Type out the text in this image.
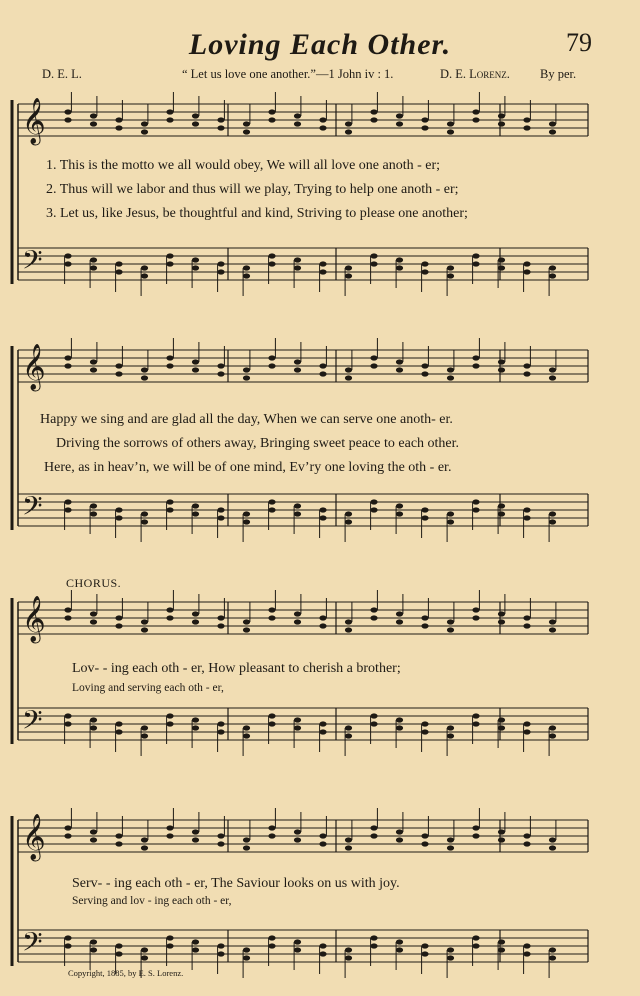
Loving Each Other.	79
D. E. L.	“ Let us love one another.”—1 John iv : 1.	D. E. Lorenz. By per.
𝄞
𝄢
𝄞
𝄢
𝄞
𝄢
𝄞
𝄢
1. This is the motto we all would obey, We will all love one anoth - er;
2. Thus will we labor and thus will we play, Trying to help one anoth - er;
3. Let us, like Jesus, be thoughtful and kind, Striving to please one another;
Happy we sing and are glad all the day, When we can serve one anoth- er.
Driving the sorrows of others away, Bringing sweet peace to each other.
Here, as in heav’n, we will be of one mind, Ev’ry one loving the oth - er.
CHORUS.
Lov- - ing each oth - er, How pleasant to cherish a brother;
Loving and serving each oth - er,
Serv- - ing each oth - er, The Saviour looks on us with joy.
Serving and lov - ing each oth - er,
Copyright, 1885, by E. S. Lorenz.
